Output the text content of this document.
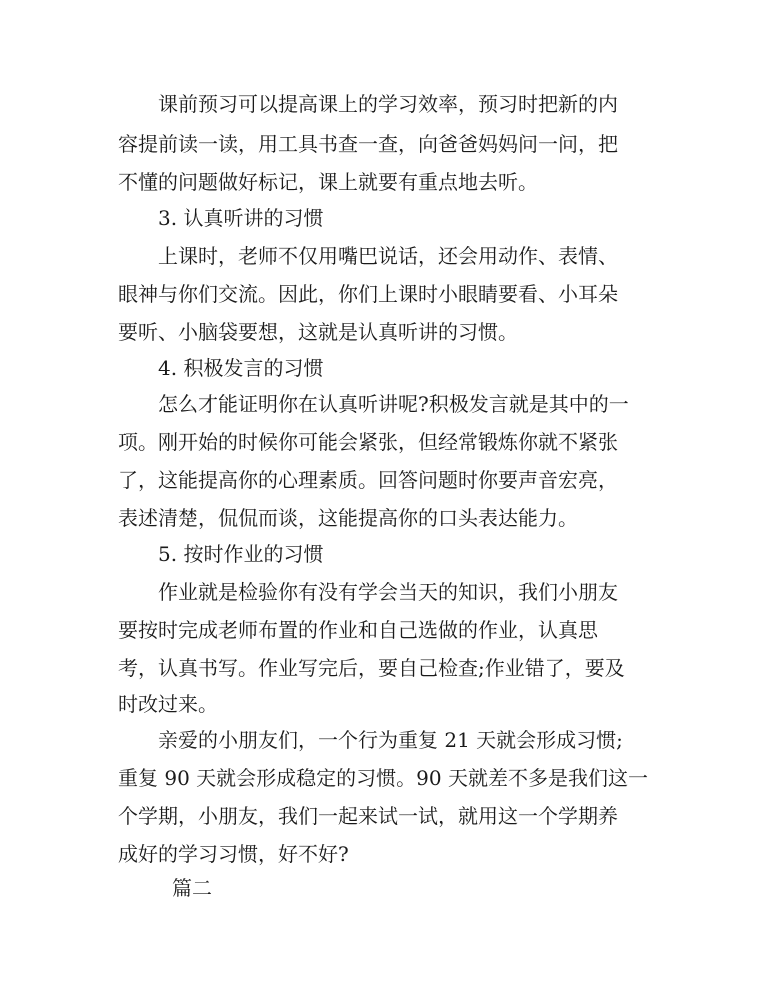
课前预习可以提高课上的学习效率，预习时把新的内

容提前读一读，用工具书查一查，向爸爸妈妈问一问，把

不懂的问题做好标记，课上就要有重点地去听。

3. 认真听讲的习惯

上课时，老师不仅用嘴巴说话，还会用动作、表情、

眼神与你们交流。因此，你们上课时小眼睛要看、小耳朵

要听、小脑袋要想，这就是认真听讲的习惯。

4. 积极发言的习惯

怎么才能证明你在认真听讲呢?积极发言就是其中的一

项。刚开始的时候你可能会紧张，但经常锻炼你就不紧张

了，这能提高你的心理素质。回答问题时你要声音宏亮，

表述清楚，侃侃而谈，这能提高你的口头表达能力。

5. 按时作业的习惯

作业就是检验你有没有学会当天的知识，我们小朋友

要按时完成老师布置的作业和自己选做的作业，认真思

考，认真书写。作业写完后，要自己检查;作业错了，要及

时改过来。

亲爱的小朋友们，一个行为重复 21 天就会形成习惯;

重复 90 天就会形成稳定的习惯。90 天就差不多是我们这一

个学期，小朋友，我们一起来试一试，就用这一个学期养

成好的学习习惯，好不好?

篇二
